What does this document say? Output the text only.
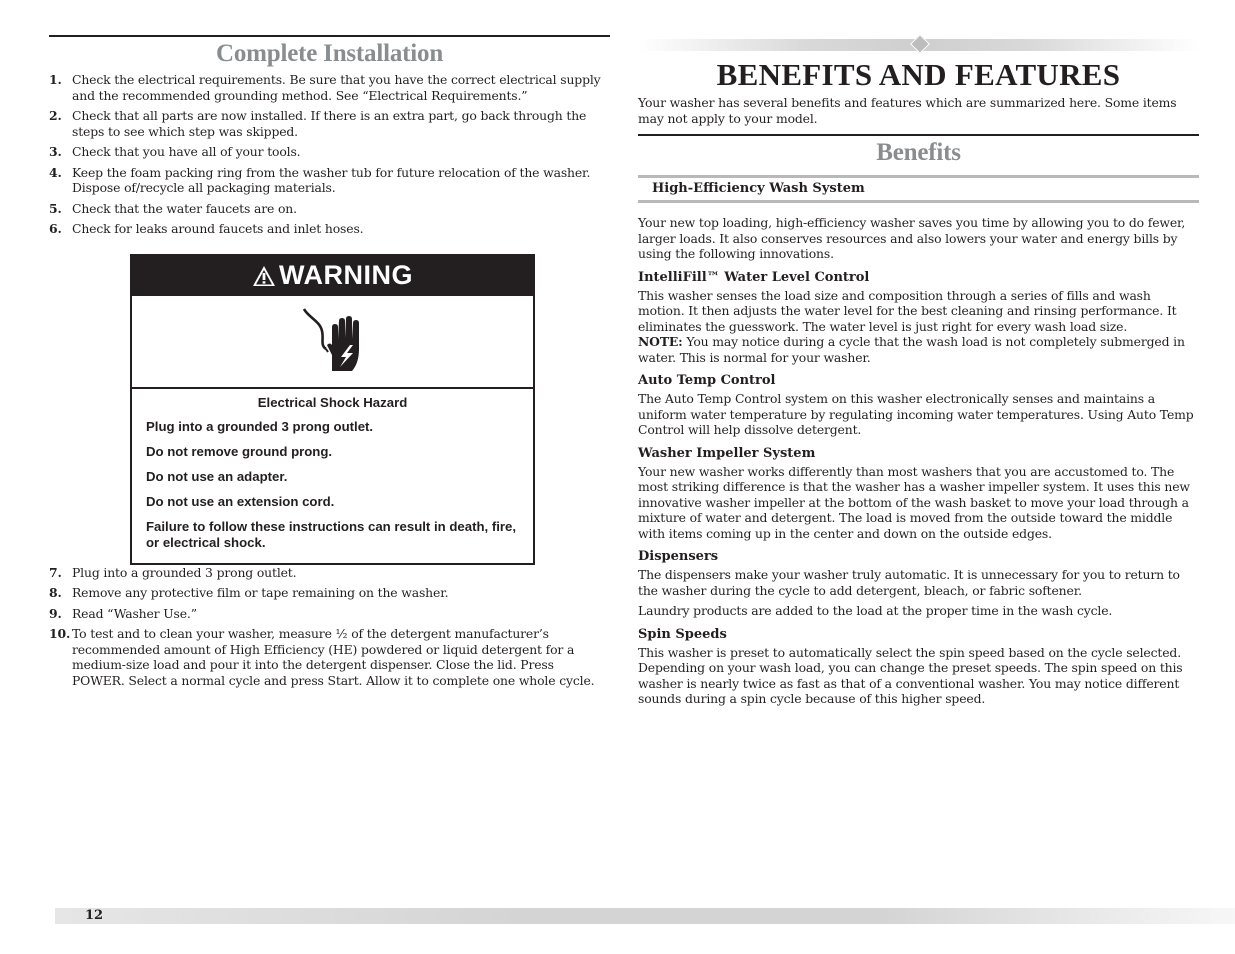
Complete Installation
1. Check the electrical requirements. Be sure that you have the correct electrical supply and the recommended grounding method. See “Electrical Requirements.”
2. Check that all parts are now installed. If there is an extra part, go back through the steps to see which step was skipped.
3. Check that you have all of your tools.
4. Keep the foam packing ring from the washer tub for future relocation of the washer. Dispose of/recycle all packaging materials.
5. Check that the water faucets are on.
6. Check for leaks around faucets and inlet hoses.
WARNING
Electrical Shock Hazard
Plug into a grounded 3 prong outlet.
Do not remove ground prong.
Do not use an adapter.
Do not use an extension cord.
Failure to follow these instructions can result in death, fire, or electrical shock.
7. Plug into a grounded 3 prong outlet.
8. Remove any protective film or tape remaining on the washer.
9. Read “Washer Use.”
10. To test and to clean your washer, measure ½ of the detergent manufacturer’s recommended amount of High Efficiency (HE) powdered or liquid detergent for a medium-size load and pour it into the detergent dispenser. Close the lid. Press POWER. Select a normal cycle and press Start. Allow it to complete one whole cycle.
BENEFITS AND FEATURES

Your washer has several benefits and features which are summarized here. Some items may not apply to your model.

Benefits
High-Efficiency Wash System

Your new top loading, high-efficiency washer saves you time by allowing you to do fewer, larger loads. It also conserves resources and also lowers your water and energy bills by using the following innovations.

IntelliFill™ Water Level Control

This washer senses the load size and composition through a series of fills and wash motion. It then adjusts the water level for the best cleaning and rinsing performance. It eliminates the guesswork. The water level is just right for every wash load size.
NOTE: You may notice during a cycle that the wash load is not completely submerged in water. This is normal for your washer.

Auto Temp Control

The Auto Temp Control system on this washer electronically senses and maintains a uniform water temperature by regulating incoming water temperatures. Using Auto Temp Control will help dissolve detergent.

Washer Impeller System

Your new washer works differently than most washers that you are accustomed to. The most striking difference is that the washer has a washer impeller system. It uses this new innovative washer impeller at the bottom of the wash basket to move your load through a mixture of water and detergent. The load is moved from the outside toward the middle with items coming up in the center and down on the outside edges.

Dispensers

The dispensers make your washer truly automatic. It is unnecessary for you to return to the washer during the cycle to add detergent, bleach, or fabric softener.

Laundry products are added to the load at the proper time in the wash cycle.

Spin Speeds

This washer is preset to automatically select the spin speed based on the cycle selected. Depending on your wash load, you can change the preset speeds. The spin speed on this washer is nearly twice as fast as that of a conventional washer. You may notice different sounds during a spin cycle because of this higher speed.

12
